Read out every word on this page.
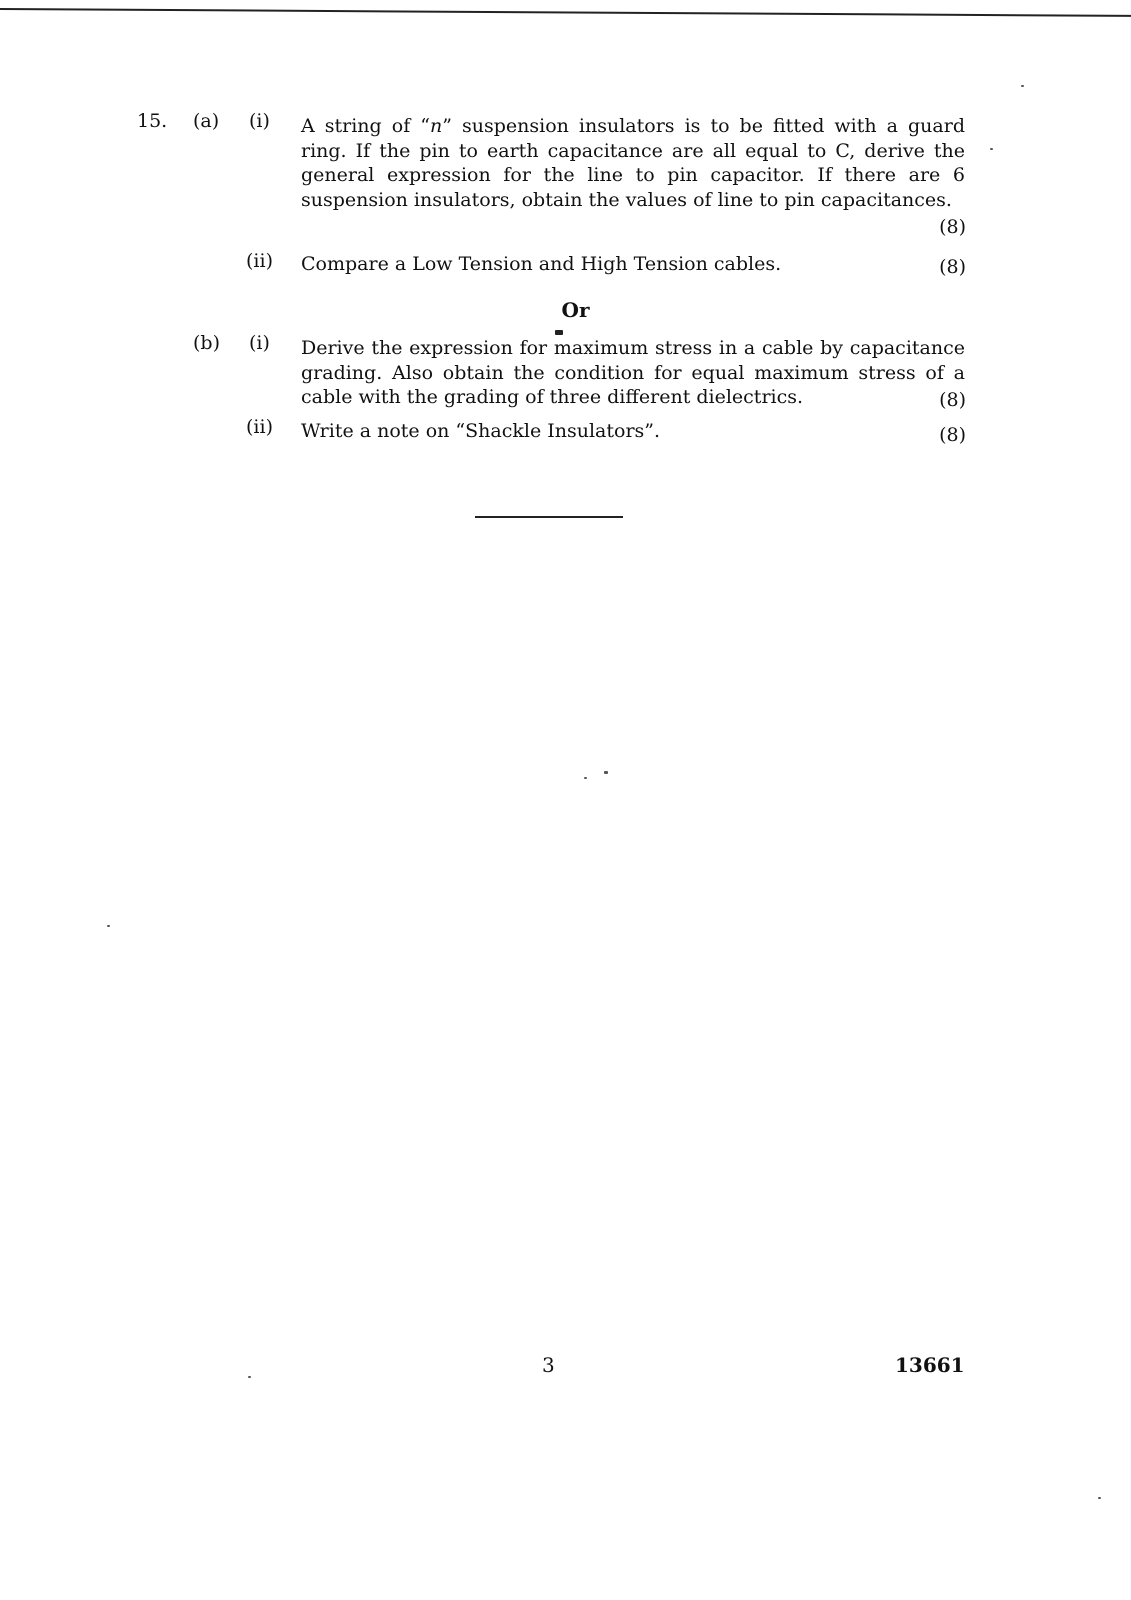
15. (a) (i) A string of “n” suspension insulators is to be fitted with a guard ring. If the pin to earth capacitance are all equal to C, derive the general expression for the line to pin capacitor. If there are 6 suspension insulators, obtain the values of line to pin capacitances.
(8)
(ii) Compare a Low Tension and High Tension cables.	(8)
Or
(b) (i) Derive the expression for maximum stress in a cable by capacitance grading. Also obtain the condition for equal maximum stress of a cable with the grading of three different dielectrics.	(8)
(ii) Write a note on “Shackle Insulators”.	(8)
3	13661
